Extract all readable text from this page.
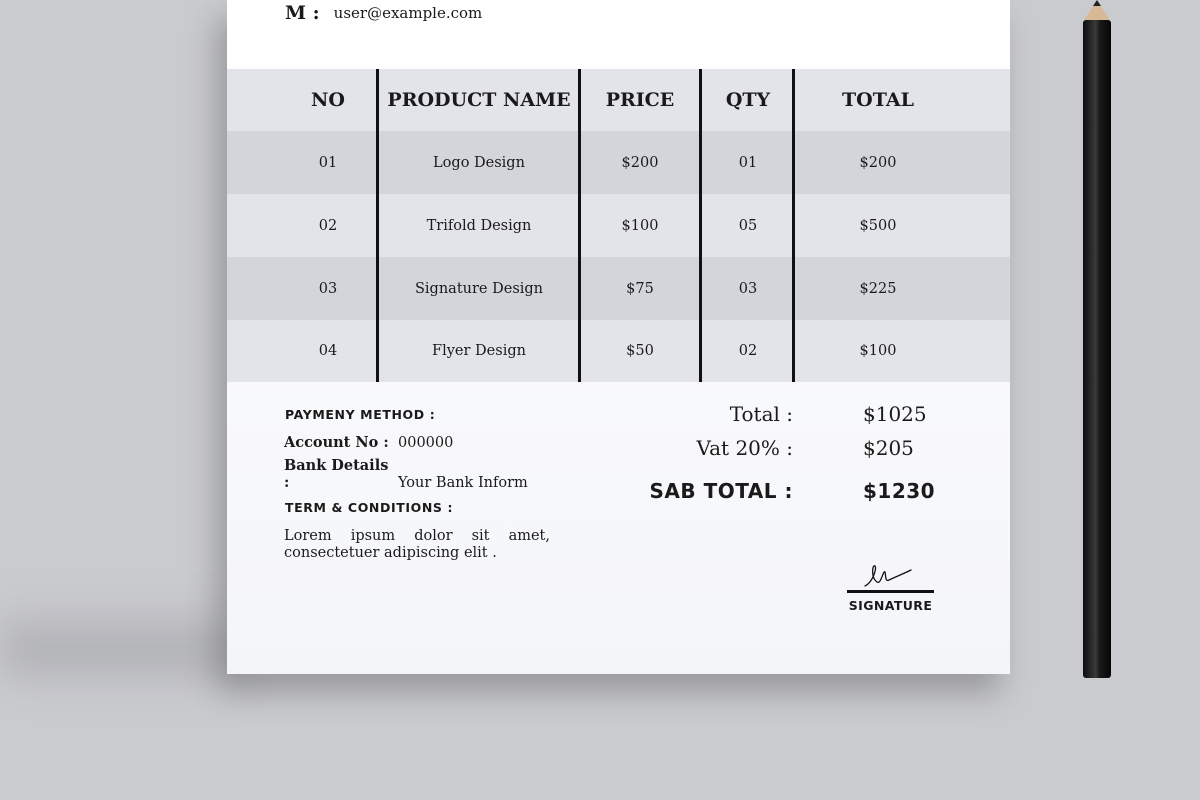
M : user@example.com
NO	PRODUCT NAME	PRICE	QTY	TOTAL
01	Logo Design	$200	01	$200
02	Trifold Design	$100	05	$500
03	Signature Design	$75	03	$225
04	Flyer Design	$50	02	$100
PAYMENY METHOD :
Account No : 000000
Bank Details :	Your Bank Inform
TERM & CONDITIONS :
Lorem ipsum dolor sit amet, consectetuer adipiscing elit .
Total :	$1025
Vat 20% :	$205
SAB TOTAL :	$1230
SIGNATURE
